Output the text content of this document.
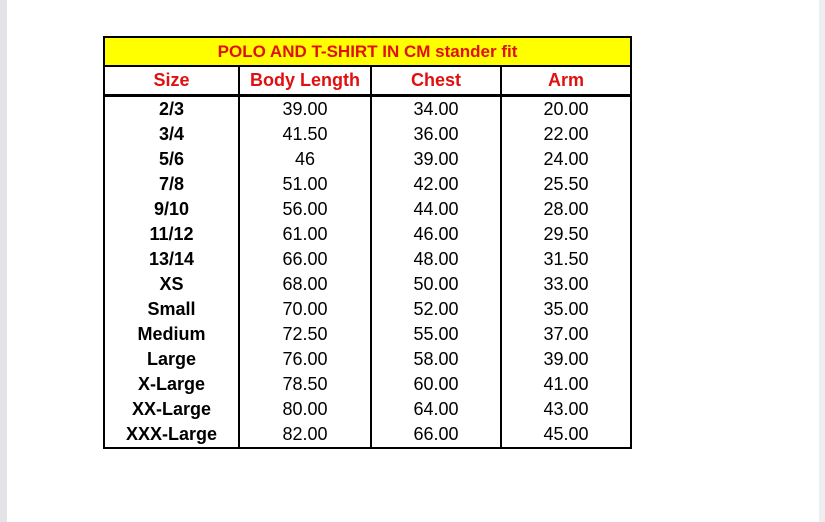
POLO AND T-SHIRT IN CM stander fit			
Size	Body Length	Chest	Arm
2/3	39.00	34.00	20.00
3/4	41.50	36.00	22.00
5/6	46	39.00	24.00
7/8	51.00	42.00	25.50
9/10	56.00	44.00	28.00
11/12	61.00	46.00	29.50
13/14	66.00	48.00	31.50
XS	68.00	50.00	33.00
Small	70.00	52.00	35.00
Medium	72.50	55.00	37.00
Large	76.00	58.00	39.00
X-Large	78.50	60.00	41.00
XX-Large	80.00	64.00	43.00
XXX-Large	82.00	66.00	45.00
